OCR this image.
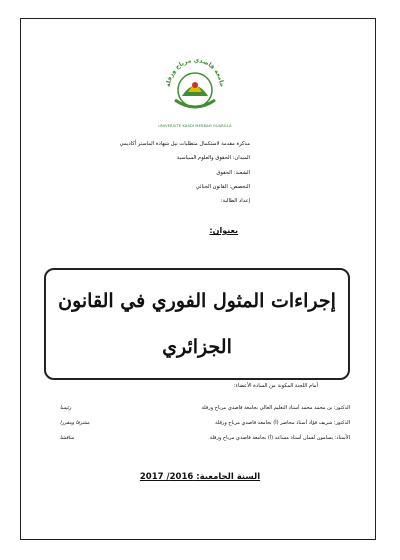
جامعة قاصدي مرباح ورقلة
UNIVERSITE KASDI MERBAH OUARGLA
مذكرة مقدمة لاستكمال متطلبات نيل شهادة الماستر أكاديمي
الميدان: الحقوق والعلوم السياسية
الشعبة: الحقوق
التخصص: القانون الجنائي
إعداد الطالبة:
بعنوان:
إجراءات المثول الفوري في القانون
الجزائري
أمام اللجنة المكونة من السادة الأعضاء:
الدكتور: بن محمد محمد أستاذ التعليم العالي بجامعة قاصدي مرباح ورقلة
رئيسا
الدكتور: شريف فؤاد أستاذ محاضر (أ) بجامعة قاصدي مرباح ورقلة
مشرفا ومقررا
الأستاذ: يسامون لقمان أستاذ مساعد (أ) بجامعة قاصدي مرباح ورقلة
مناقشا
السنة الجامعية: 2016/ 2017
